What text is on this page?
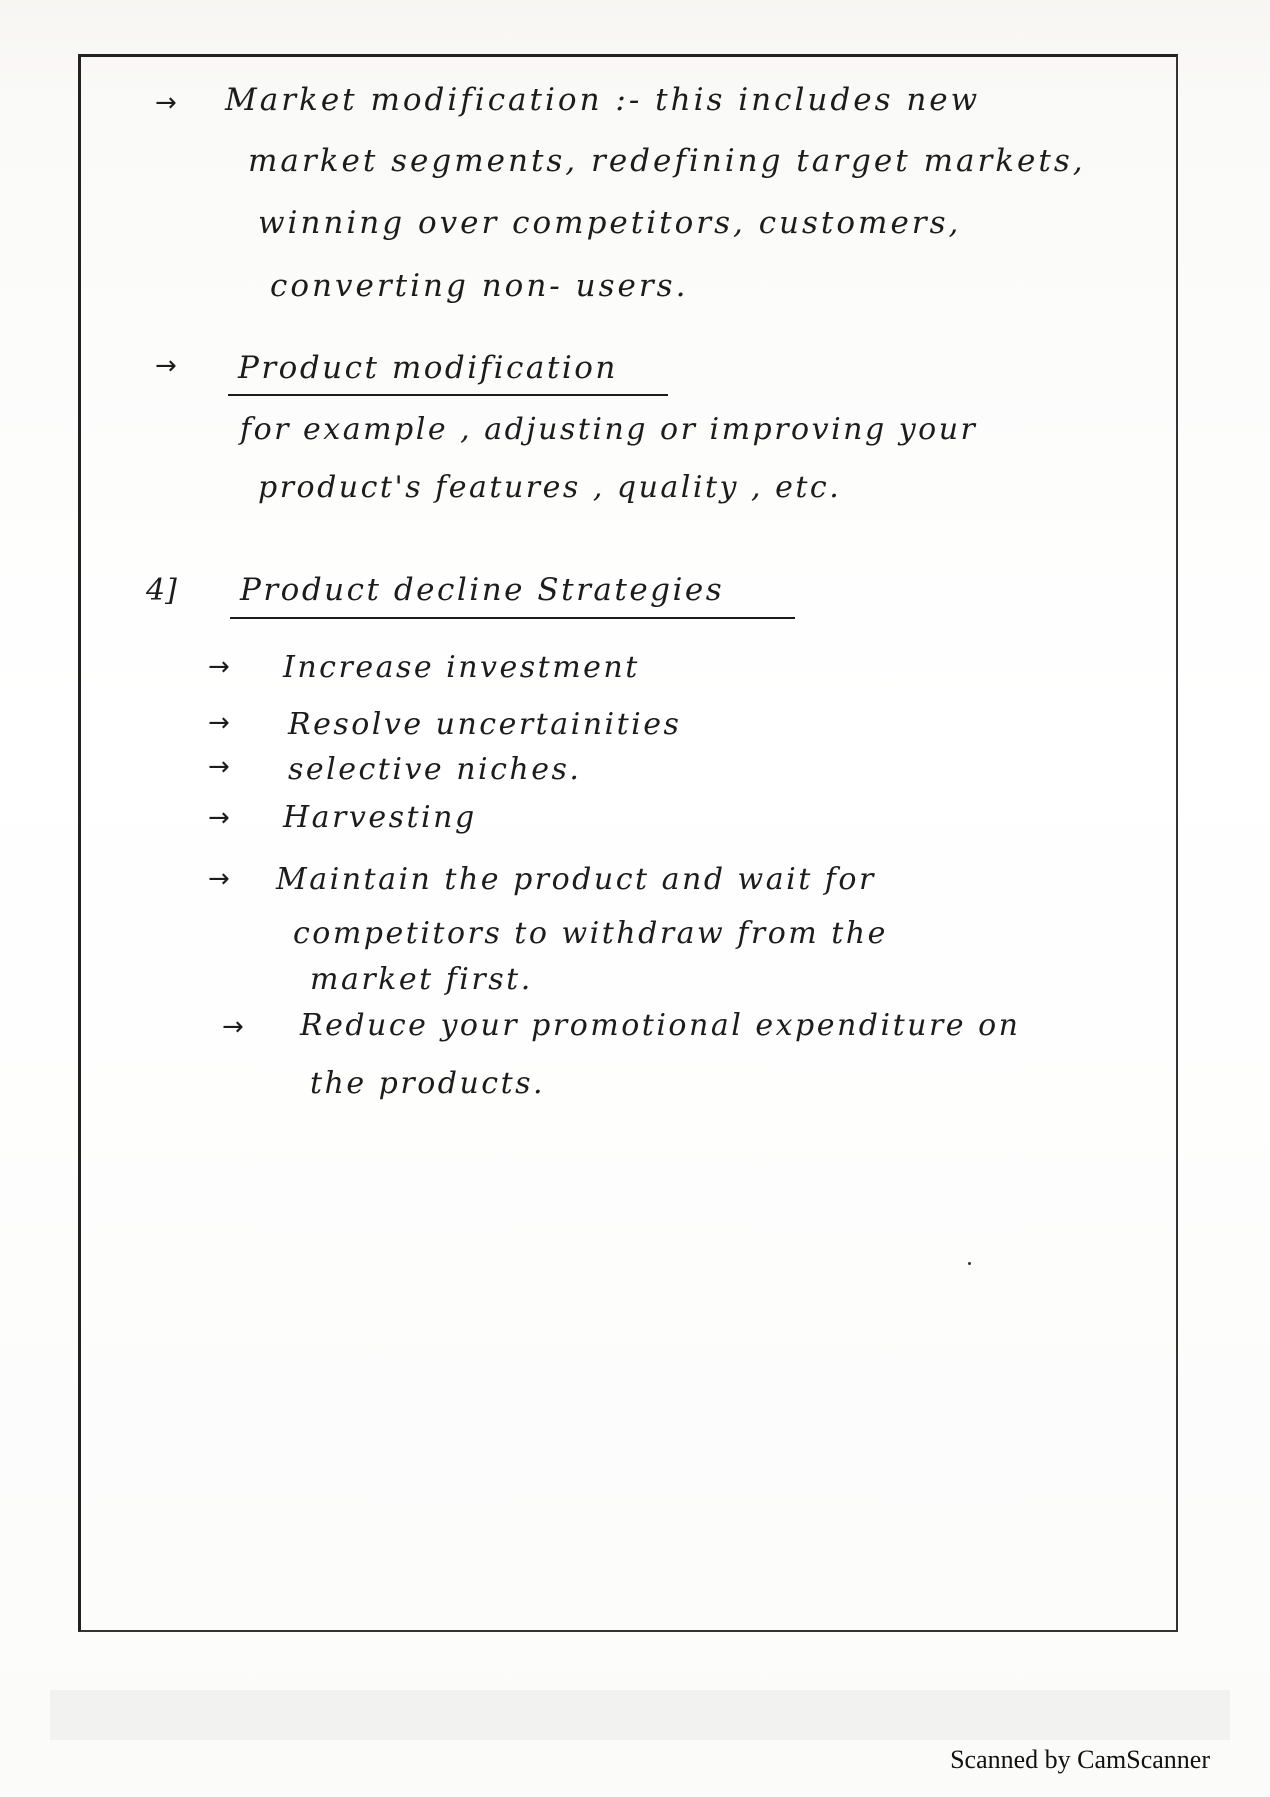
→ Market modification :- this includes new
market segments, redefining target markets,
winning over competitors, customers,
converting non- users.
→ Product modification
for example , adjusting or improving your
product's features , quality , etc.
4] Product decline Strategies
→ Increase investment
→ Resolve uncertainities
→ selective niches.
→ Harvesting
→ Maintain the product and wait for
competitors to withdraw from the
market first.
→ Reduce your promotional expenditure on
the products.
Scanned by CamScanner
